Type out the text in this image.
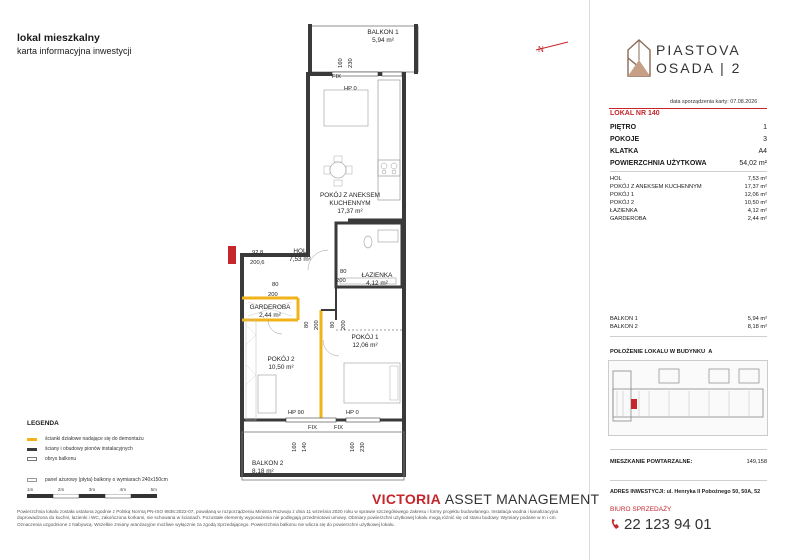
lokal mieszkalny
karta informacyjna inwestycji
BALKON 1
5,94 m²
160 230
FIX
HP 0
POKÓJ Z ANEKSEM
KUCHENNYM
17,37 m²
92,8
200,6
HOL
7,53 m²
80
200
ŁAZIENKA
4,12 m²
80
200
GARDEROBA
2,44 m²
80 200 80 200
POKÓJ 1
12,06 m²
POKÓJ 2
10,50 m²
HP 90	HP 0
FIX	FIX
160 140	160 230
BALKON 2
8,18 m²
N	PIASTOVA
OSADA | 2
data sporządzenia karty: 07.08.2026
LOKAL NR 140
PIĘTRO	1
POKOJE	3
KLATKA	A4
POWIERZCHNIA UŻYTKOWA	54,02 m²
HOL	7,53 m²
POKÓJ Z ANEKSEM KUCHENNYM	17,37 m²
POKÓJ 1	12,06 m²
POKÓJ 2	10,50 m²
ŁAZIENKA	4,12 m²
GARDEROBA	2,44 m²
BALKON 1	5,94 m²
BALKON 2	8,18 m²
POŁOŻENIE LOKALU W BUDYNKU A
MIESZKANIE POWTARZALNE:	149,158
ADRES INWESTYCJI: ul. Henryka II Pobożnego 50, 50A, 52
BIURO SPRZEDAŻY
22 123 94 01
LEGENDA
ścianki działowe nadające się do demontażu
ściany i obudowy pionów instalacyjnych
obrys balkonu
panel ażurowy (płyta) balkony o wymiarach 240x150cm
1m	2m	3m	4m	5m
VICTORIA ASSET MANAGEMENT
Powierzchnia lokalu została ustalona zgodnie z Polską Normą PN-ISO 9836:2022-07, powołaną w rozporządzeniu Ministra Rozwoju z dnia 11 września 2020 roku w sprawie szczegółowego zakresu i formy projektu budowlanego. Instalacja wodna i kanalizacyjna doprowadzona do kuchni, łazienki i WC, zakończona korkami, nie schowana w ścianach. Pozostałe elementy wyposażenia nie podlegają przedmiotowi umowy. Obmiary powierzchni użytkowej lokalu mogą różnić się od stanu budowy. Wymiary podane w m i cm. Oznaczenia uzgodnione z Nabywcą. Wszelkie zmiany aranżacyjne możliwe wyłącznie za zgodą Sprzedającego. Powierzchnia balkonu nie wlicza się do powierzchni użytkowej lokalu.
